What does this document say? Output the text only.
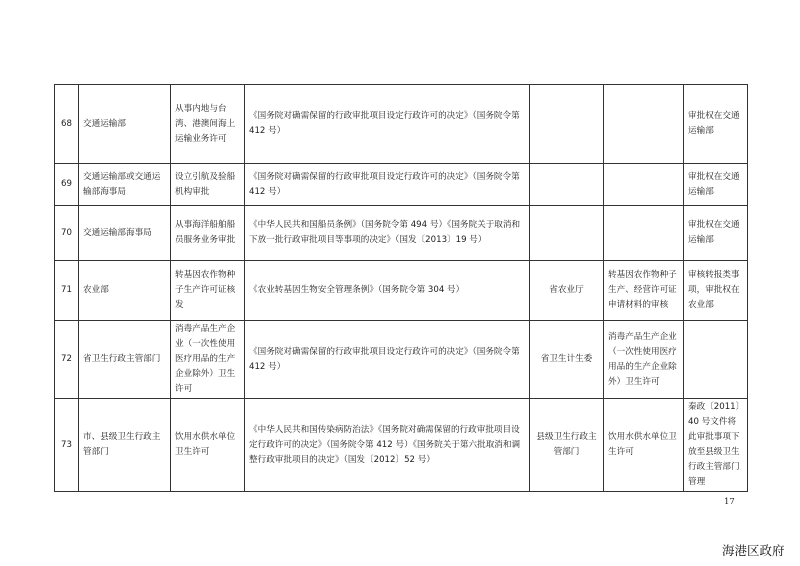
68	交通运输部	从事内地与台湾、港澳间海上运输业务许可	《国务院对确需保留的行政审批项目设定行政许可的决定》（国务院令第 412 号）			审批权在交通运输部
69	交通运输部或交通运输部海事局	设立引航及验船机构审批	《国务院对确需保留的行政审批项目设定行政许可的决定》（国务院令第 412 号）			审批权在交通运输部
70	交通运输部海事局	从事海洋船舶船员服务业务审批	《中华人民共和国船员条例》（国务院令第 494 号）《国务院关于取消和下放一批行政审批项目等事项的决定》（国发〔2013〕19 号）			审批权在交通运输部
71	农业部	转基因农作物种子生产许可证核发	《农业转基因生物安全管理条例》（国务院令第 304 号）	省农业厅	转基因农作物种子生产、经营许可证申请材料的审核	审核转报类事项，审批权在农业部
72	省卫生行政主管部门	消毒产品生产企业（一次性使用医疗用品的生产企业除外）卫生许可	《国务院对确需保留的行政审批项目设定行政许可的决定》（国务院令第 412 号）	省卫生计生委	消毒产品生产企业（一次性使用医疗用品的生产企业除外）卫生许可	
73	市、县级卫生行政主管部门	饮用水供水单位卫生许可	《中华人民共和国传染病防治法》《国务院对确需保留的行政审批项目设定行政许可的决定》（国务院令第 412 号）《国务院关于第六批取消和调整行政审批项目的决定》（国发〔2012〕52 号）	县级卫生行政主管部门	饮用水供水单位卫生许可	秦政〔2011〕40 号文件将此审批事项下放至县级卫生行政主管部门管理
17
海港区政府
